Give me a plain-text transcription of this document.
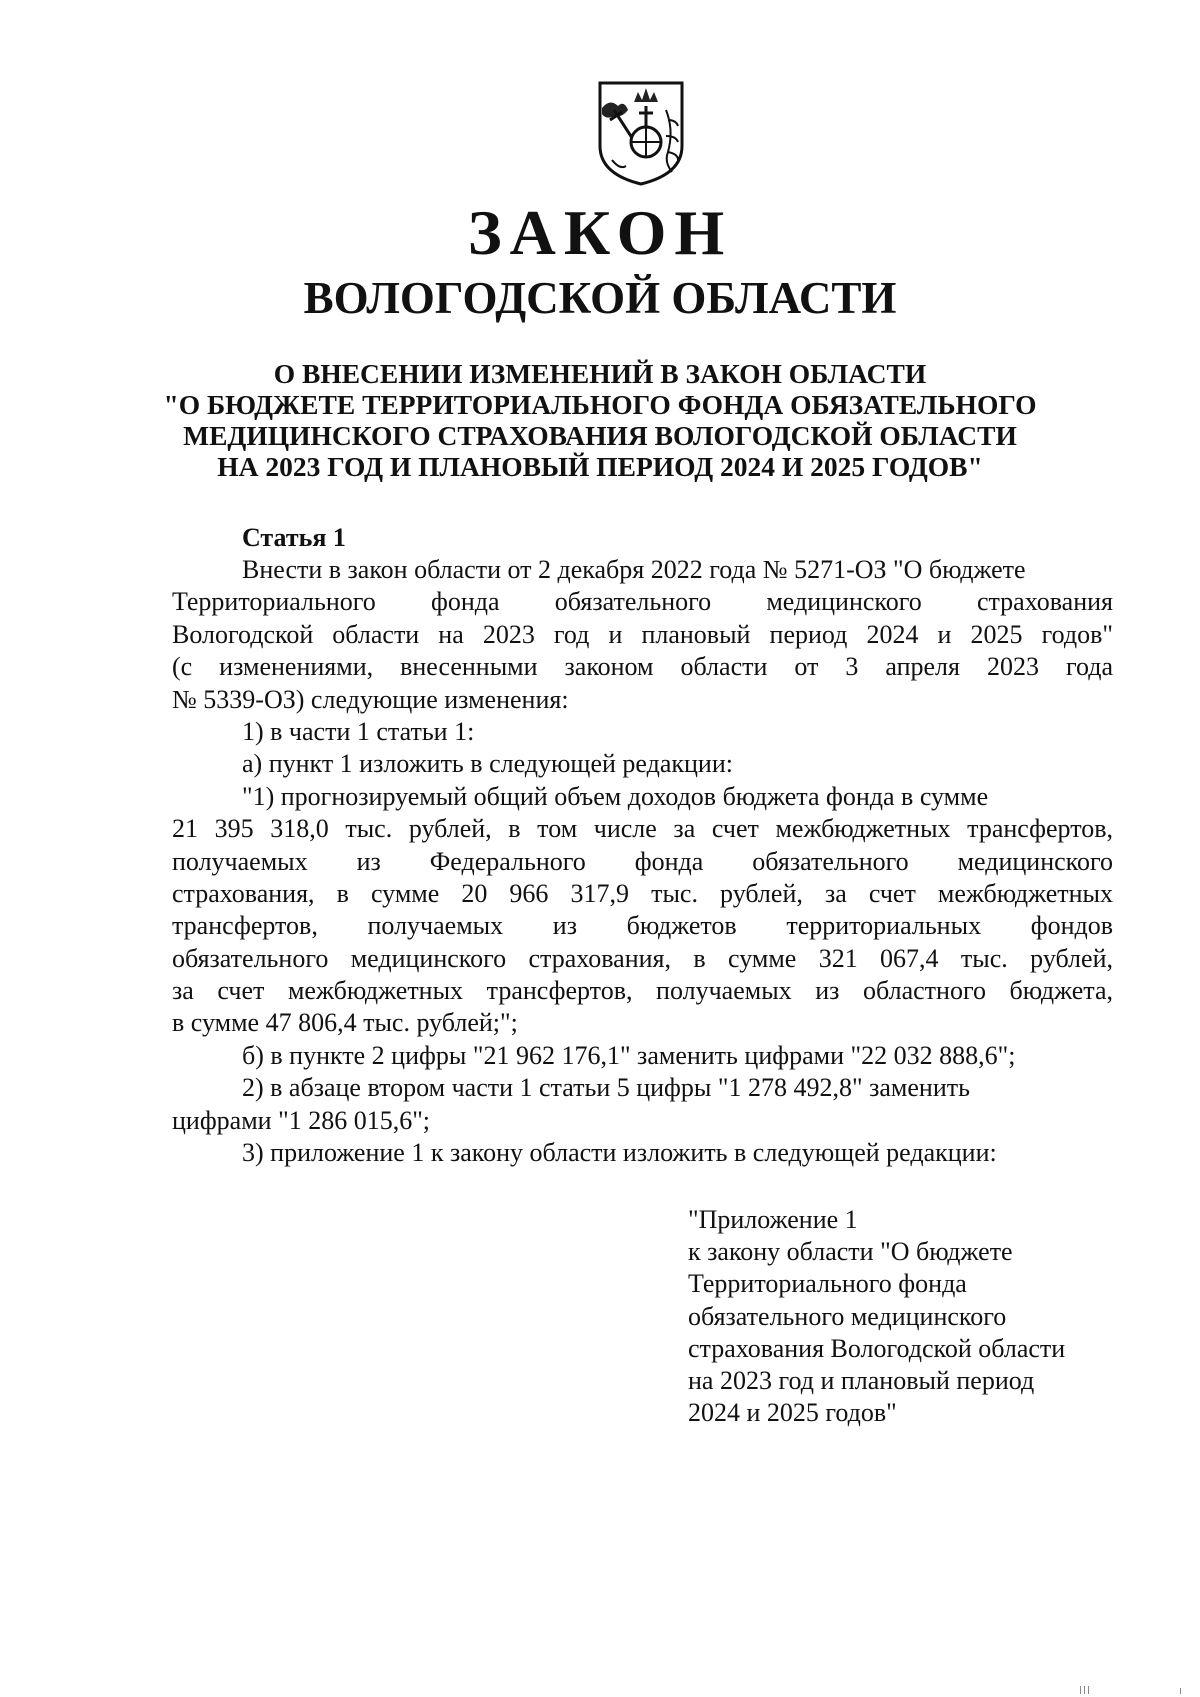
ЗАКОН
ВОЛОГОДСКОЙ ОБЛАСТИ
О ВНЕСЕНИИ ИЗМЕНЕНИЙ В ЗАКОН ОБЛАСТИ
"О БЮДЖЕТЕ ТЕРРИТОРИАЛЬНОГО ФОНДА ОБЯЗАТЕЛЬНОГО
МЕДИЦИНСКОГО СТРАХОВАНИЯ ВОЛОГОДСКОЙ ОБЛАСТИ
НА 2023 ГОД И ПЛАНОВЫЙ ПЕРИОД 2024 И 2025 ГОДОВ"

Статья 1

Внести в закон области от 2 декабря 2022 года № 5271-ОЗ "О бюджете
Территориального фонда обязательного медицинского страхования
Вологодской области на 2023 год и плановый период 2024 и 2025 годов"
(с изменениями, внесенными законом области от 3 апреля 2023 года
№ 5339-ОЗ) следующие изменения:
1) в части 1 статьи 1:
а) пункт 1 изложить в следующей редакции:
"1) прогнозируемый общий объем доходов бюджета фонда в сумме
21 395 318,0 тыс. рублей, в том числе за счет межбюджетных трансфертов,
получаемых из Федерального фонда обязательного медицинского
страхования, в сумме 20 966 317,9 тыс. рублей, за счет межбюджетных
трансфертов, получаемых из бюджетов территориальных фондов
обязательного медицинского страхования, в сумме 321 067,4 тыс. рублей,
за счет межбюджетных трансфертов, получаемых из областного бюджета,
в сумме 47 806,4 тыс. рублей;";
б) в пункте 2 цифры "21 962 176,1" заменить цифрами "22 032 888,6";
2) в абзаце втором части 1 статьи 5 цифры "1 278 492,8" заменить
цифрами "1 286 015,6";
3) приложение 1 к закону области изложить в следующей редакции:
"Приложение 1
к закону области "О бюджете
Территориального фонда
обязательного медицинского
страхования Вологодской области
на 2023 год и плановый период
2024 и 2025 годов"
